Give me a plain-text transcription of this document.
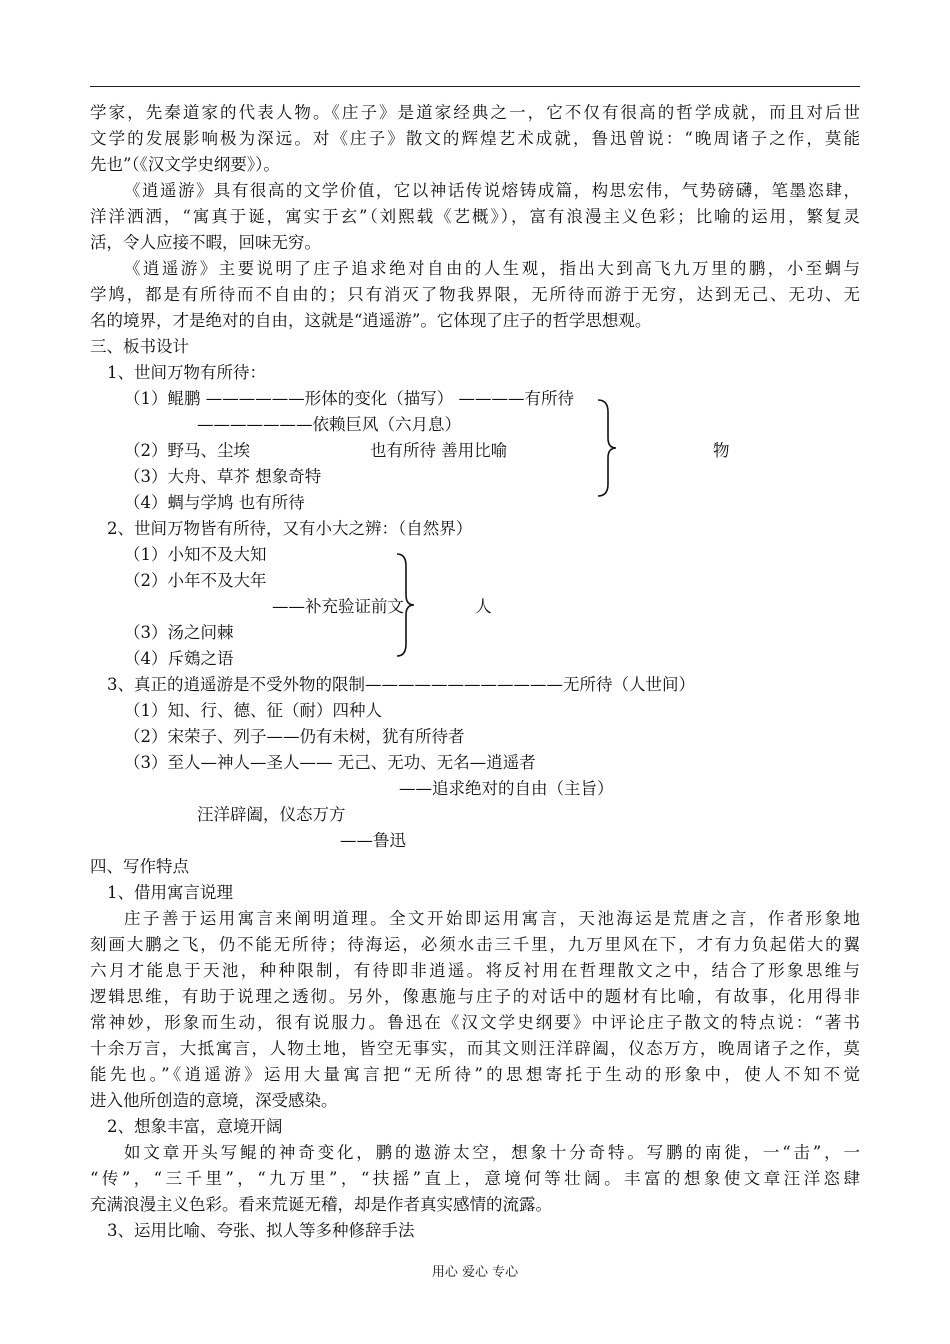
学家，先秦道家的代表人物。《庄子》是道家经典之一，它不仅有很高的哲学成就，而且对后世
文学的发展影响极为深远。对《庄子》散文的辉煌艺术成就，鲁迅曾说：“晚周诸子之作，莫能
先也”（《汉文学史纲要》）。
《逍遥游》具有很高的文学价值，它以神话传说熔铸成篇，构思宏伟，气势磅礴，笔墨恣肆，
洋洋洒洒，“寓真于诞，寓实于玄”（刘熙载《艺概》），富有浪漫主义色彩；比喻的运用，繁复灵
活，令人应接不暇，回味无穷。
《逍遥游》主要说明了庄子追求绝对自由的人生观，指出大到高飞九万里的鹏，小至蜩与
学鸠，都是有所待而不自由的；只有消灭了物我界限，无所待而游于无穷，达到无己、无功、无
名的境界，才是绝对的自由，这就是“逍遥游”。它体现了庄子的哲学思想观。
三、板书设计
1、世间万物有所待：
（1）鲲鹏 ——————形体的变化（描写） ————有所待
———————依赖巨风（六月息）
（2）野马、尘埃	也有所待 善用比喻	物
（3）大舟、草芥 想象奇特
（4）蜩与学鸠 也有所待
2、世间万物皆有所待，又有小大之辨：（自然界）
（1）小知不及大知
（2）小年不及大年
——补充验证前文	人
（3）汤之问棘
（4）斥鴳之语
3、真正的逍遥游是不受外物的限制————————————无所待（人世间）
（1）知、行、德、征（耐）四种人
（2）宋荣子、列子——仍有未树，犹有所待者
（3）至人—神人—圣人—— 无己、无功、无名—逍遥者
——追求绝对的自由（主旨）
汪洋辟阖，仪态万方
——鲁迅
四、写作特点
1、借用寓言说理
庄子善于运用寓言来阐明道理。全文开始即运用寓言，天池海运是荒唐之言，作者形象地
刻画大鹏之飞，仍不能无所待；待海运，必须水击三千里，九万里风在下，才有力负起偌大的翼
六月才能息于天池，种种限制，有待即非逍遥。将反衬用在哲理散文之中，结合了形象思维与
逻辑思维，有助于说理之透彻。另外，像惠施与庄子的对话中的题材有比喻，有故事，化用得非
常神妙，形象而生动，很有说服力。鲁迅在《汉文学史纲要》中评论庄子散文的特点说：“著书
十余万言，大抵寓言，人物土地，皆空无事实，而其文则汪洋辟阖，仪态万方，晚周诸子之作，莫
能先也。”《逍遥游》运用大量寓言把“无所待”的思想寄托于生动的形象中，使人不知不觉
进入他所创造的意境，深受感染。
2、想象丰富，意境开阔
如文章开头写鲲的神奇变化，鹏的遨游太空，想象十分奇特。写鹏的南徙，一“击”，一
“传”，“三千里”，“九万里”，“扶摇”直上，意境何等壮阔。丰富的想象使文章汪洋恣肆
充满浪漫主义色彩。看来荒诞无稽，却是作者真实感情的流露。
3、运用比喻、夸张、拟人等多种修辞手法
用心 爱心 专心
